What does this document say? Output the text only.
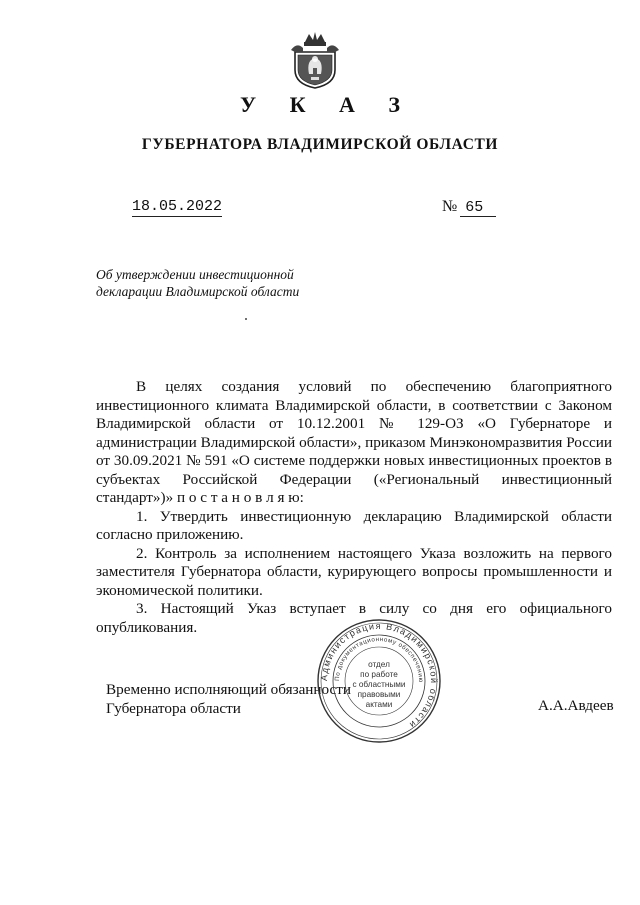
У К А З
ГУБЕРНАТОРА ВЛАДИМИРСКОЙ ОБЛАСТИ
18.05.2022	№ 65
Об утверждении инвестиционной
декларации Владимирской области

В целях создания условий по обеспечению благоприятного инвестиционного климата Владимирской области, в соответствии с Законом Владимирской области от 10.12.2001 № 129-ОЗ «О Губернаторе и администрации Владимирской области», приказом Минэкономразвития России от 30.09.2021 № 591 «О системе поддержки новых инвестиционных проектов в субъектах Российской Федерации («Региональный инвестиционный стандарт»)» п о с т а н о в л я ю:

1. Утвердить инвестиционную декларацию Владимирской области согласно приложению.

2. Контроль за исполнением настоящего Указа возложить на первого заместителя Губернатора области, курирующего вопросы промышленности и экономической политики.

3. Настоящий Указ вступает в силу со дня его официального опубликования.

Временно исполняющий обязанности
Губернатора области	А.А.Авдеев
Администрация Владимирской области
По документационному обеспечению
отдел
по работе
с областными
правовыми
актами
